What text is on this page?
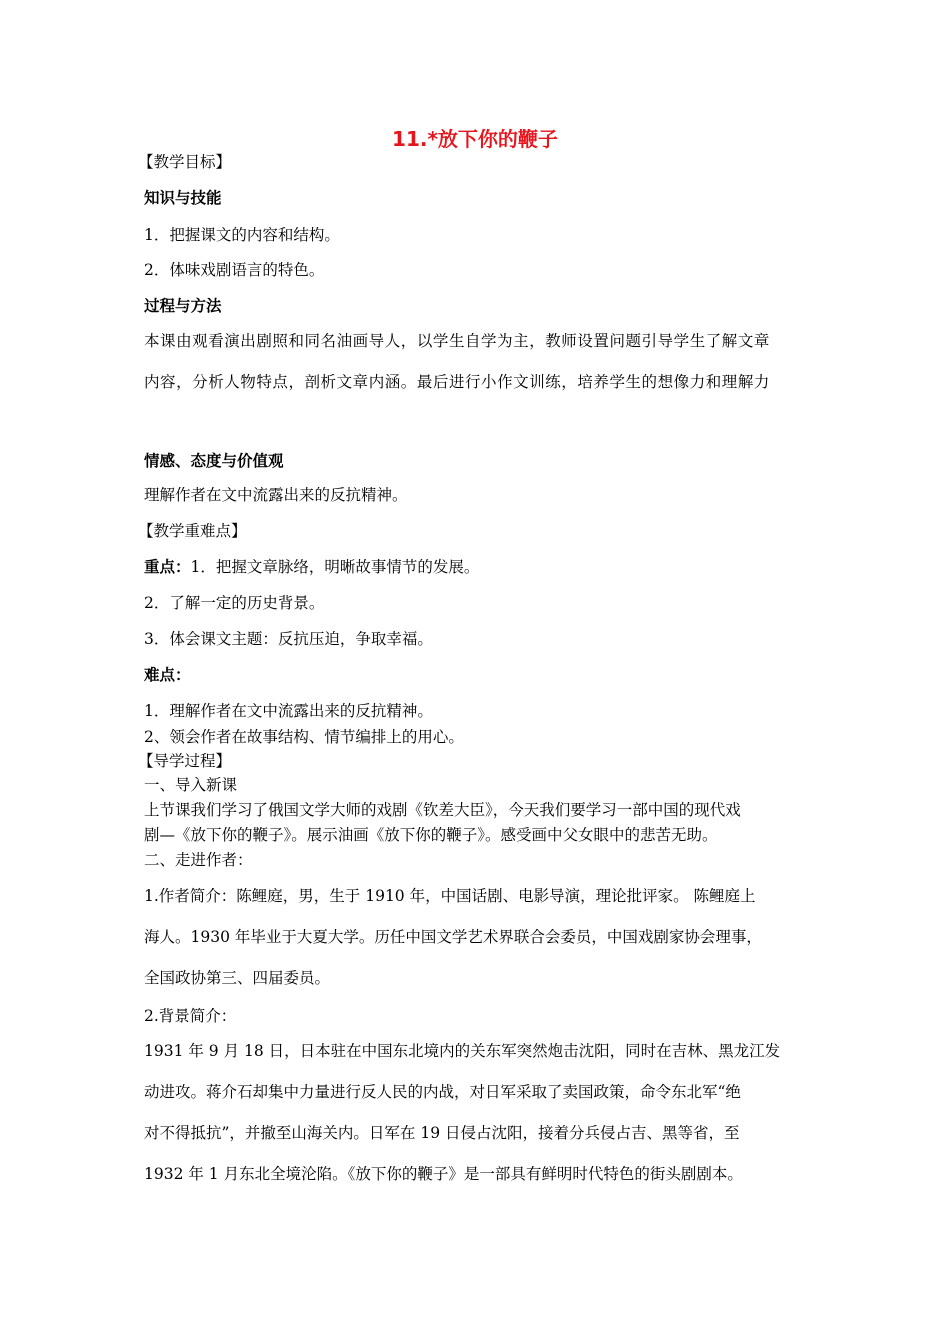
11.*放下你的鞭子
【教学目标】
知识与技能
1．把握课文的内容和结构。
2．体味戏剧语言的特色。
过程与方法
本课由观看演出剧照和同名油画导人，以学生自学为主，教师设置问题引导学生了解文章
内容，分析人物特点，剖析文章内涵。最后进行小作文训练，培养学生的想像力和理解力
情感、态度与价值观
理解作者在文中流露出来的反抗精神。
【教学重难点】
重点：1．把握文章脉络，明晰故事情节的发展。
2．了解一定的历史背景。
3．体会课文主题：反抗压迫，争取幸福。
难点：
1．理解作者在文中流露出来的反抗精神。
2、领会作者在故事结构、情节编排上的用心。
【导学过程】
一、导入新课
上节课我们学习了俄国文学大师的戏剧《钦差大臣》，今天我们要学习一部中国的现代戏
剧—《放下你的鞭子》。展示油画《放下你的鞭子》。感受画中父女眼中的悲苦无助。
二、走进作者：
1.作者简介：陈鲤庭，男，生于 1910 年，中国话剧、电影导演，理论批评家。 陈鲤庭上
海人。1930 年毕业于大夏大学。历任中国文学艺术界联合会委员，中国戏剧家协会理事，
全国政协第三、四届委员。
2.背景简介：
1931 年 9 月 18 日，日本驻在中国东北境内的关东军突然炮击沈阳，同时在吉林、黑龙江发
动进攻。蒋介石却集中力量进行反人民的内战，对日军采取了卖国政策，命令东北军“绝
对不得抵抗”，并撤至山海关内。日军在 19 日侵占沈阳，接着分兵侵占吉、黑等省，至
1932 年 1 月东北全境沦陷。《放下你的鞭子》是一部具有鲜明时代特色的街头剧剧本。
